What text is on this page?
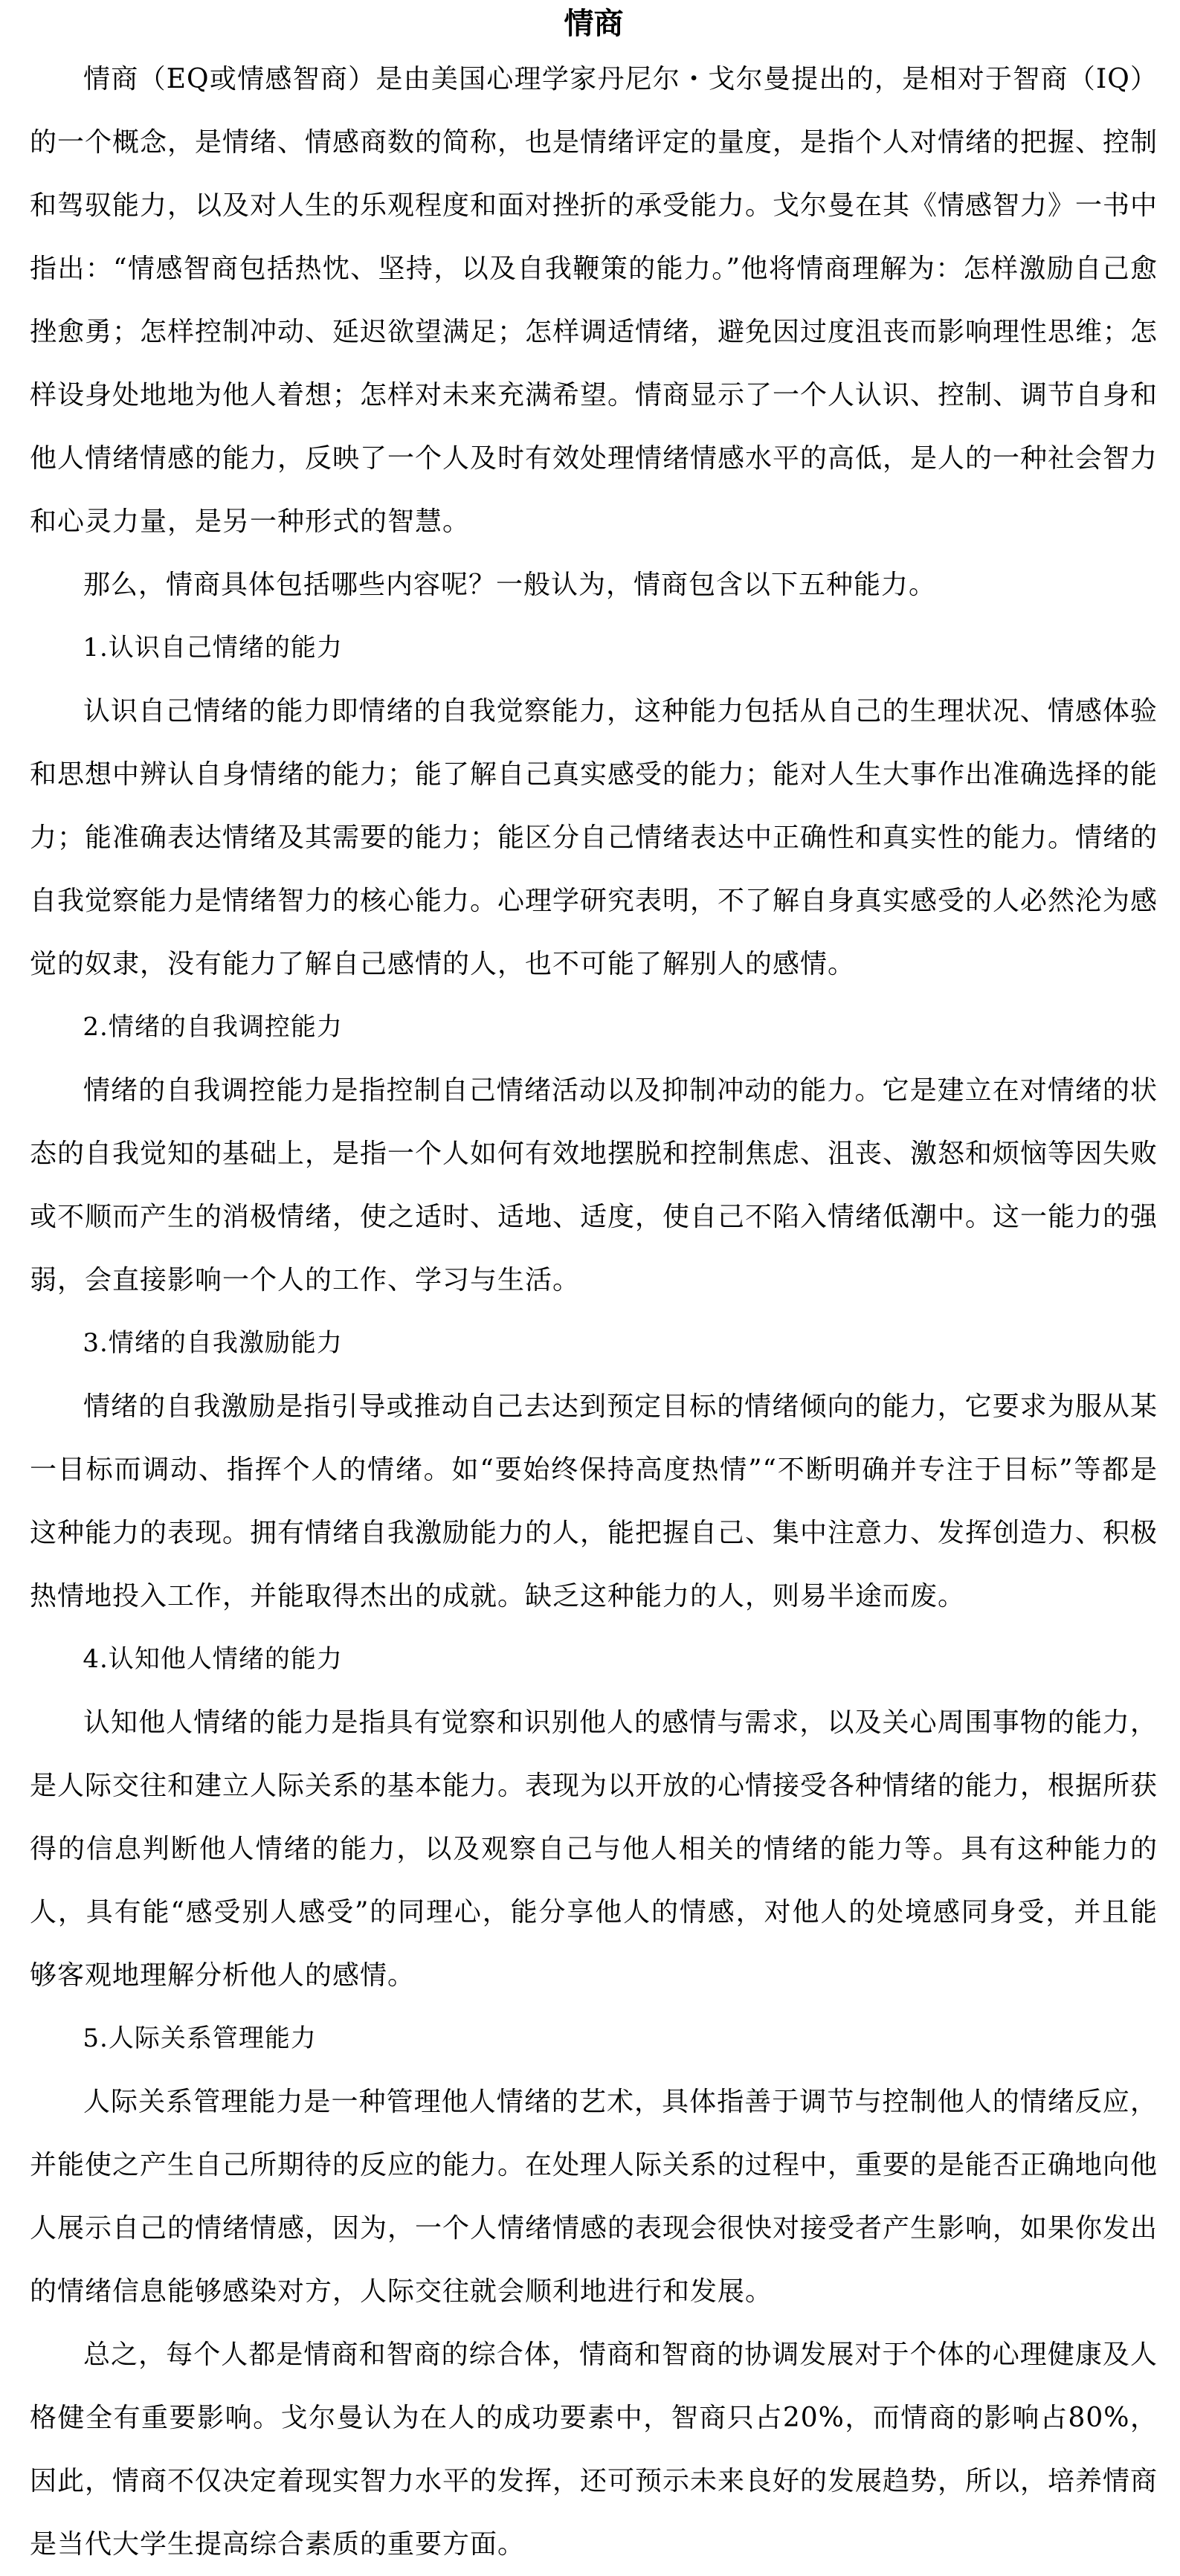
情商

情商（EQ或情感智商）是由美国心理学家丹尼尔・戈尔曼提出的，是相对于智商（IQ）的一个概念，是情绪、情感商数的简称，也是情绪评定的量度，是指个人对情绪的把握、控制和驾驭能力，以及对人生的乐观程度和面对挫折的承受能力。戈尔曼在其《情感智力》一书中指出：“情感智商包括热忱、坚持，以及自我鞭策的能力。”他将情商理解为：怎样激励自己愈挫愈勇；怎样控制冲动、延迟欲望满足；怎样调适情绪，避免因过度沮丧而影响理性思维；怎样设身处地地为他人着想；怎样对未来充满希望。情商显示了一个人认识、控制、调节自身和他人情绪情感的能力，反映了一个人及时有效处理情绪情感水平的高低，是人的一种社会智力和心灵力量，是另一种形式的智慧。

那么，情商具体包括哪些内容呢？一般认为，情商包含以下五种能力。

1.认识自己情绪的能力

认识自己情绪的能力即情绪的自我觉察能力，这种能力包括从自己的生理状况、情感体验和思想中辨认自身情绪的能力；能了解自己真实感受的能力；能对人生大事作出准确选择的能力；能准确表达情绪及其需要的能力；能区分自己情绪表达中正确性和真实性的能力。情绪的自我觉察能力是情绪智力的核心能力。心理学研究表明，不了解自身真实感受的人必然沦为感觉的奴隶，没有能力了解自己感情的人，也不可能了解别人的感情。

2.情绪的自我调控能力

情绪的自我调控能力是指控制自己情绪活动以及抑制冲动的能力。它是建立在对情绪的状态的自我觉知的基础上，是指一个人如何有效地摆脱和控制焦虑、沮丧、激怒和烦恼等因失败或不顺而产生的消极情绪，使之适时、适地、适度，使自己不陷入情绪低潮中。这一能力的强弱，会直接影响一个人的工作、学习与生活。

3.情绪的自我激励能力

情绪的自我激励是指引导或推动自己去达到预定目标的情绪倾向的能力，它要求为服从某一目标而调动、指挥个人的情绪。如“要始终保持高度热情”“不断明确并专注于目标”等都是这种能力的表现。拥有情绪自我激励能力的人，能把握自己、集中注意力、发挥创造力、积极热情地投入工作，并能取得杰出的成就。缺乏这种能力的人，则易半途而废。

4.认知他人情绪的能力

认知他人情绪的能力是指具有觉察和识别他人的感情与需求，以及关心周围事物的能力，是人际交往和建立人际关系的基本能力。表现为以开放的心情接受各种情绪的能力，根据所获得的信息判断他人情绪的能力，以及观察自己与他人相关的情绪的能力等。具有这种能力的人，具有能“感受别人感受”的同理心，能分享他人的情感，对他人的处境感同身受，并且能够客观地理解分析他人的感情。

5.人际关系管理能力

人际关系管理能力是一种管理他人情绪的艺术，具体指善于调节与控制他人的情绪反应，并能使之产生自己所期待的反应的能力。在处理人际关系的过程中，重要的是能否正确地向他人展示自己的情绪情感，因为，一个人情绪情感的表现会很快对接受者产生影响，如果你发出的情绪信息能够感染对方，人际交往就会顺利地进行和发展。

总之，每个人都是情商和智商的综合体，情商和智商的协调发展对于个体的心理健康及人格健全有重要影响。戈尔曼认为在人的成功要素中，智商只占20%，而情商的影响占80%，因此，情商不仅决定着现实智力水平的发挥，还可预示未来良好的发展趋势，所以，培养情商是当代大学生提高综合素质的重要方面。
